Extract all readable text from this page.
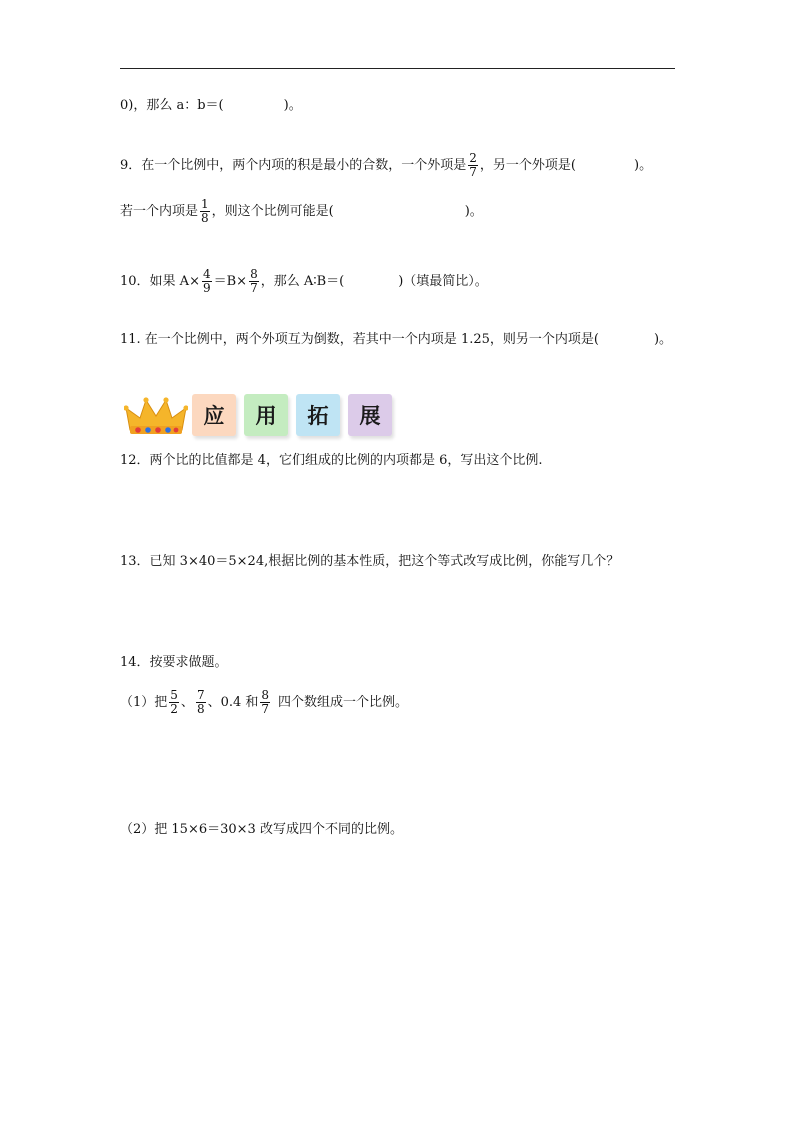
0)，那么 a：b＝(	)。
9．在一个比例中，两个内项的积是最小的合数，一个外项是 $\frac{2}{7}$ ，另一个外项是(	)。
若一个内项是 $\frac{1}{8}$ ，则这个比例可能是(	)。
10．如果 $A\times \frac{4}{9} =B\times \frac{8}{7}$ ，那么 A∶B＝(	)（填最简比）。
11. 在一个比例中，两个外项互为倒数，若其中一个内项是 1.25，则另一个内项是(	)。
应 用 拓 展
12．两个比的比值都是 4，它们组成的比例的内项都是 6，写出这个比例.
13．已知 3×40＝5×24,根据比例的基本性质，把这个等式改写成比例，你能写几个？
14．按要求做题。
（1）把 $\frac{5}{2}$ 、 $\frac{7}{8}$ 、0.4 和 $\frac{8}{7}$ 四个数组成一个比例。
（2）把 15×6＝30×3 改写成四个不同的比例。
